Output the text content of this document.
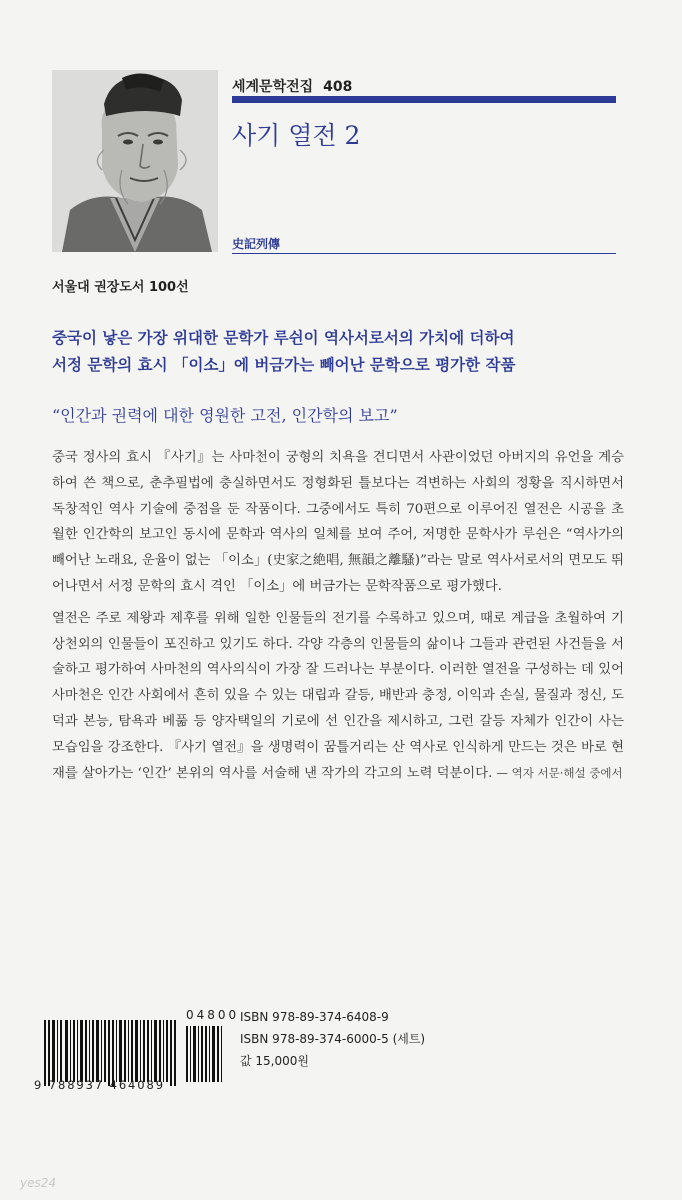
세계문학전집 408
사기 열전 2
史記列傳
서울대 권장도서 100선
중국이 낳은 가장 위대한 문학가 루쉰이 역사서로서의 가치에 더하여
서정 문학의 효시 「이소」에 버금가는 빼어난 문학으로 평가한 작품
“인간과 권력에 대한 영원한 고전, 인간학의 보고”

중국 정사의 효시 『사기』는 사마천이 궁형의 치욕을 견디면서 사관이었던 아버지의 유언을 계승하여 쓴 책으로, 춘추필법에 충실하면서도 정형화된 틀보다는 격변하는 사회의 정황을 직시하면서 독창적인 역사 기술에 중점을 둔 작품이다. 그중에서도 특히 70편으로 이루어진 열전은 시공을 초월한 인간학의 보고인 동시에 문학과 역사의 일체를 보여 주어, 저명한 문학사가 루쉰은 “역사가의 빼어난 노래요, 운율이 없는 「이소」(史家之絶唱, 無韻之離騷)”라는 말로 역사서로서의 면모도 뛰어나면서 서정 문학의 효시 격인 「이소」에 버금가는 문학작품으로 평가했다.

열전은 주로 제왕과 제후를 위해 일한 인물들의 전기를 수록하고 있으며, 때로 계급을 초월하여 기상천외의 인물들이 포진하고 있기도 하다. 각양 각층의 인물들의 삶이나 그들과 관련된 사건들을 서술하고 평가하여 사마천의 역사의식이 가장 잘 드러나는 부분이다. 이러한 열전을 구성하는 데 있어 사마천은 인간 사회에서 흔히 있을 수 있는 대립과 갈등, 배반과 충정, 이익과 손실, 물질과 정신, 도덕과 본능, 탐욕과 베풂 등 양자택일의 기로에 선 인간을 제시하고, 그런 갈등 자체가 인간이 사는 모습임을 강조한다. 『사기 열전』을 생명력이 꿈틀거리는 산 역사로 인식하게 만드는 것은 바로 현재를 살아가는 ‘인간’ 본위의 역사를 서술해 낸 작가의 각고의 노력 덕분이다. — 역자 서문·해설 중에서

04800
9 788937 464089
ISBN 978-89-374-6408-9
ISBN 978-89-374-6000-5 (세트)
값 15,000원
yes24
